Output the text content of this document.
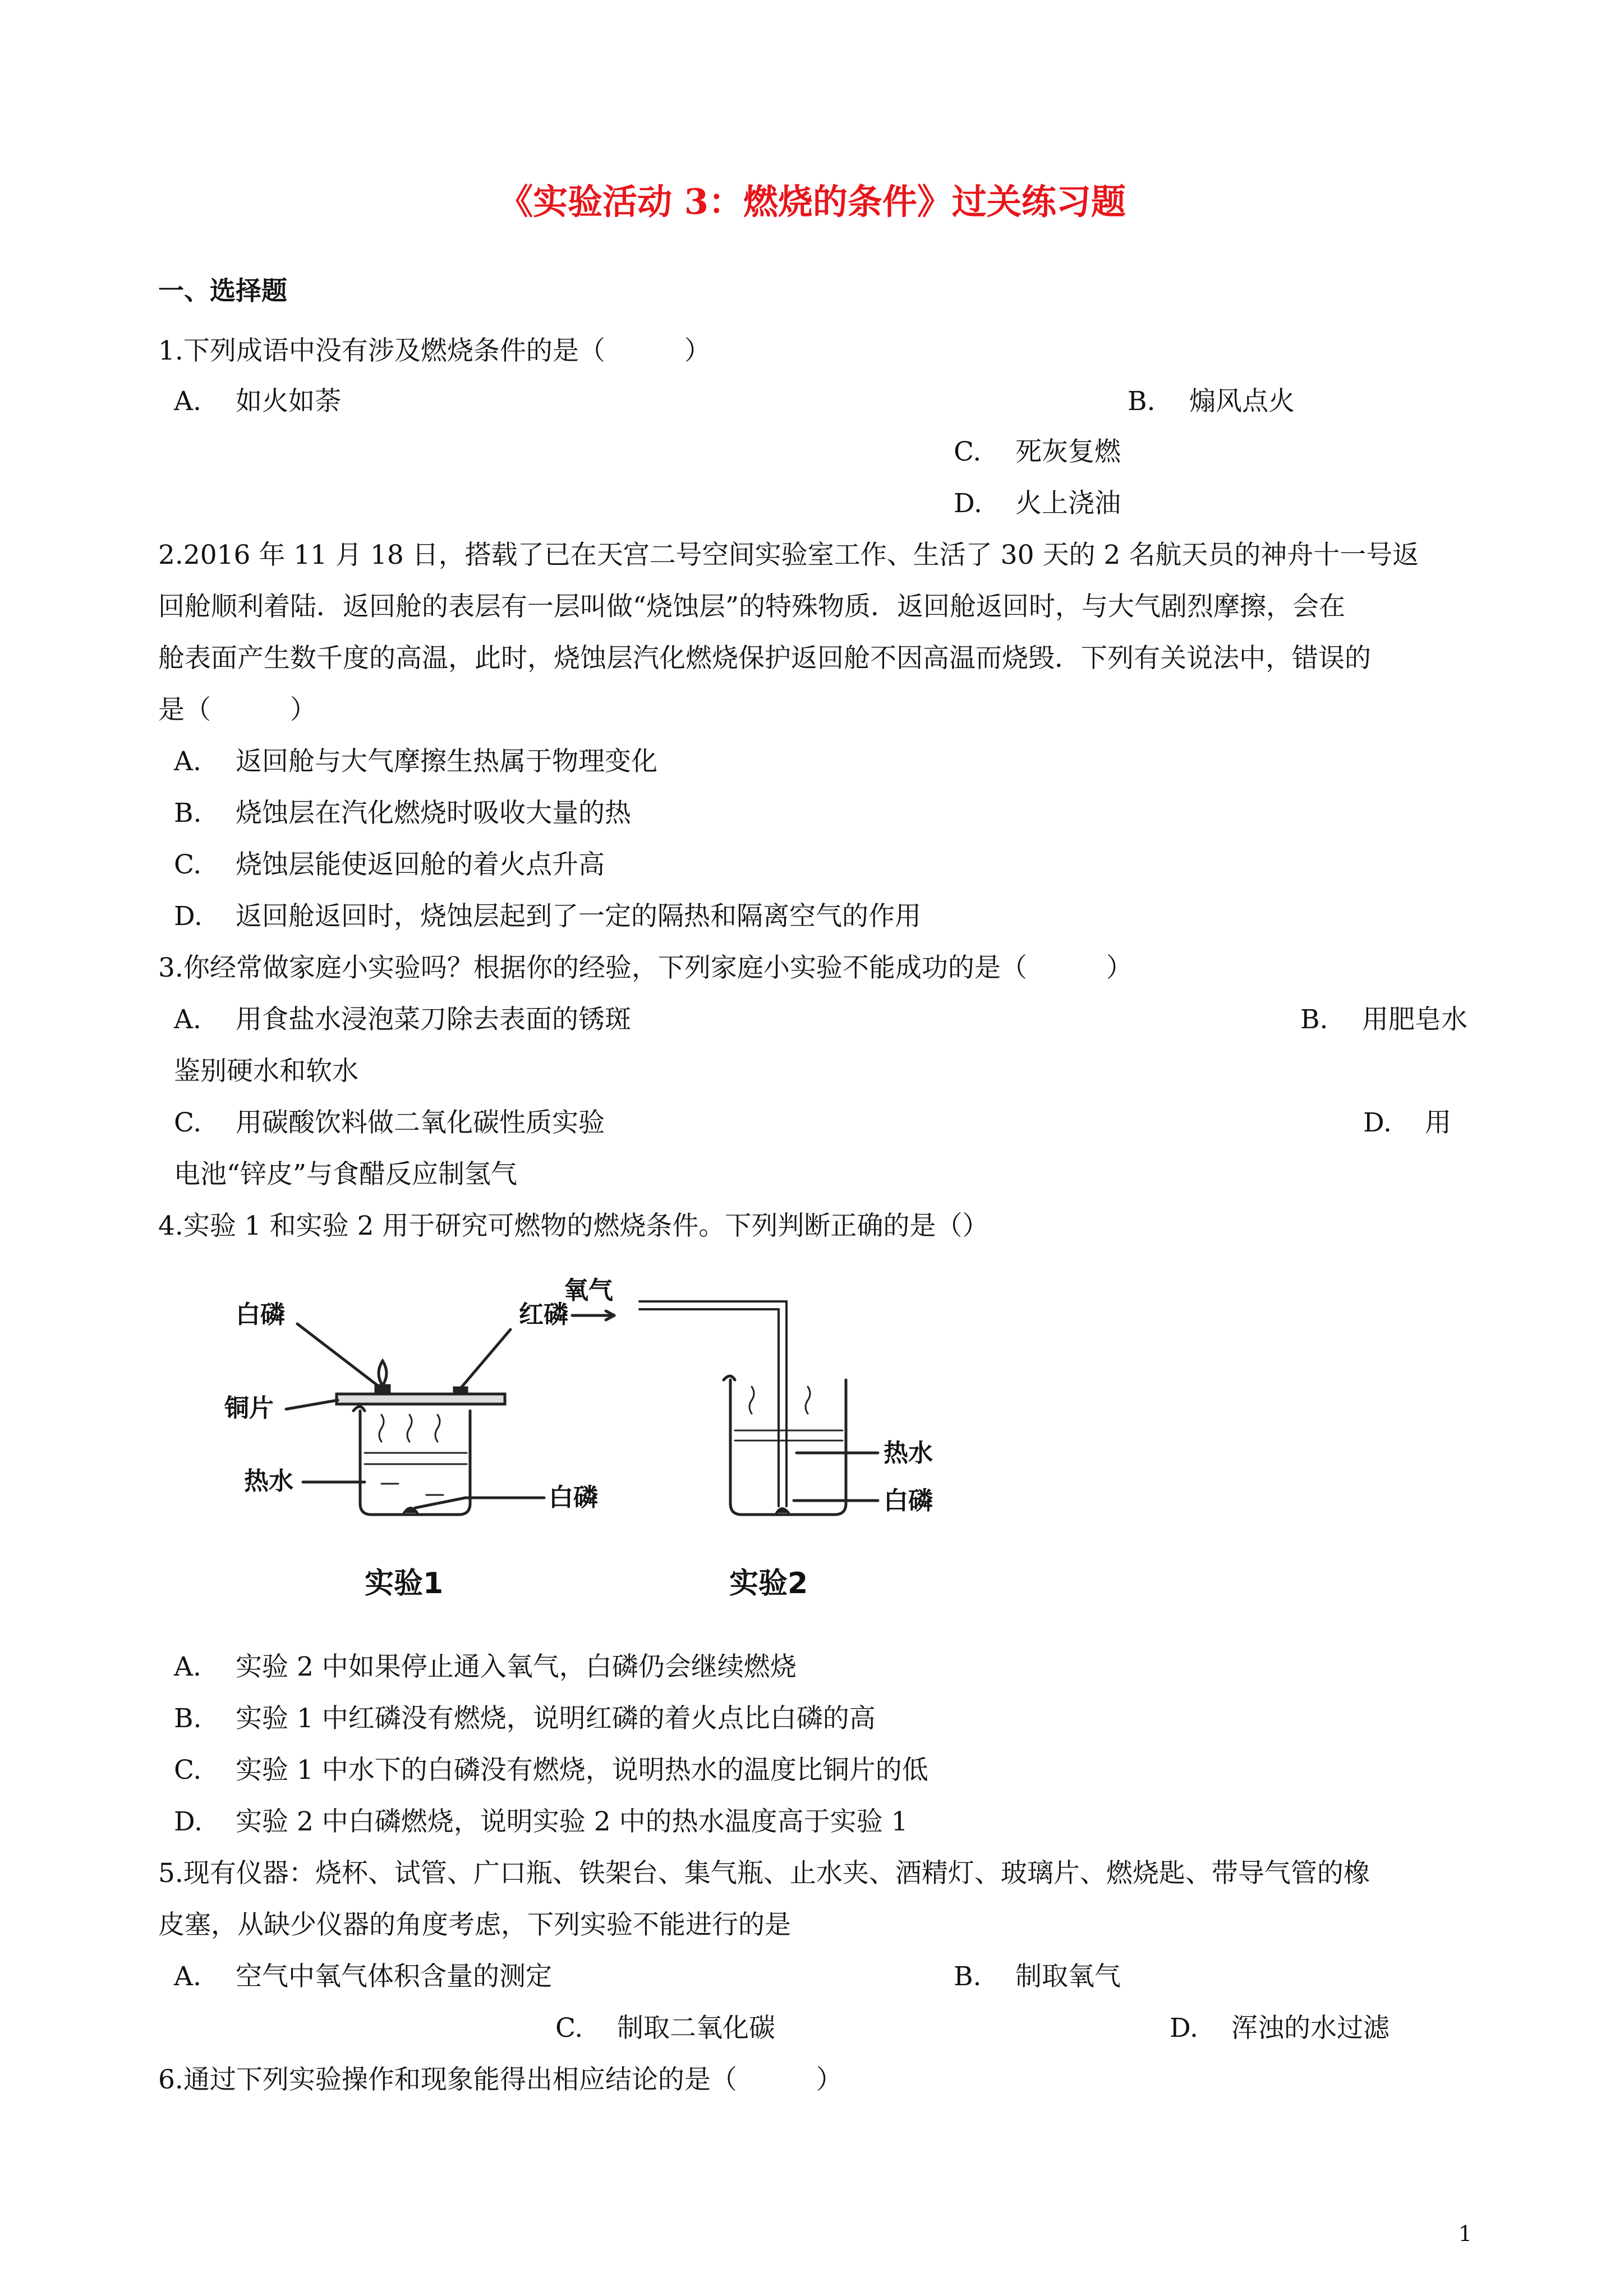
《实验活动 3：燃烧的条件》过关练习题
一、选择题
1.下列成语中没有涉及燃烧条件的是（　　　）
A. 如火如荼	B. 煽风点火
C. 死灰复燃
D. 火上浇油
2.2016 年 11 月 18 日，搭载了已在天宫二号空间实验室工作、生活了 30 天的 2 名航天员的神舟十一号返
回舱顺利着陆．返回舱的表层有一层叫做“烧蚀层”的特殊物质．返回舱返回时，与大气剧烈摩擦，会在
舱表面产生数千度的高温，此时，烧蚀层汽化燃烧保护返回舱不因高温而烧毁．下列有关说法中，错误的
是（　　　）
A. 返回舱与大气摩擦生热属于物理变化
B. 烧蚀层在汽化燃烧时吸收大量的热
C. 烧蚀层能使返回舱的着火点升高
D. 返回舱返回时，烧蚀层起到了一定的隔热和隔离空气的作用
3.你经常做家庭小实验吗？根据你的经验，下列家庭小实验不能成功的是（　　　）
A. 用食盐水浸泡菜刀除去表面的锈斑	B. 用肥皂水
鉴别硬水和软水
C. 用碳酸饮料做二氧化碳性质实验	D. 用
电池“锌皮”与食醋反应制氢气
4.实验 1 和实验 2 用于研究可燃物的燃烧条件。下列判断正确的是（）
白磷	红磷
铜片
热水
白磷
实验1
氧气
热水
白磷
实验2
A. 实验 2 中如果停止通入氧气，白磷仍会继续燃烧
B. 实验 1 中红磷没有燃烧，说明红磷的着火点比白磷的高
C. 实验 1 中水下的白磷没有燃烧，说明热水的温度比铜片的低
D. 实验 2 中白磷燃烧，说明实验 2 中的热水温度高于实验 1
5.现有仪器：烧杯、试管、广口瓶、铁架台、集气瓶、止水夹、酒精灯、玻璃片、燃烧匙、带导气管的橡
皮塞，从缺少仪器的角度考虑，下列实验不能进行的是
A. 空气中氧气体积含量的测定	B. 制取氧气
C. 制取二氧化碳	D. 浑浊的水过滤
6.通过下列实验操作和现象能得出相应结论的是（　　　）
1
